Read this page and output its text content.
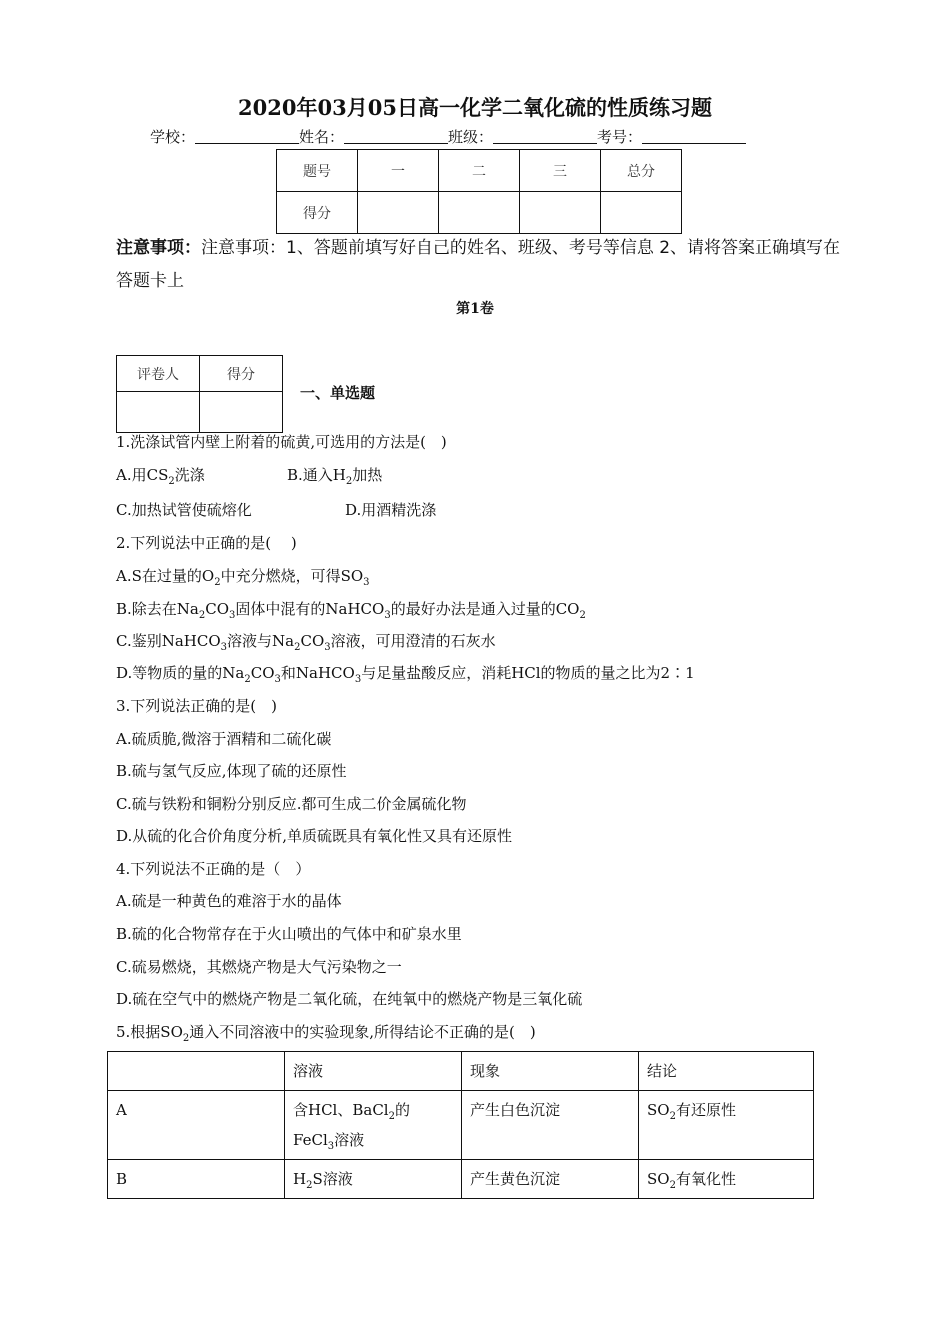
2020年03月05日高一化学二氧化硫的性质练习题
学校：	姓名：	班级：	考号：
题号	一	二	三	总分
得分				
注意事项：注意事项：1、答题前填写好自己的姓名、班级、考号等信息 2、请将答案正确填写在答题卡上
第1卷
评卷人	得分

一、单选题
1.洗涤试管内壁上附着的硫黄,可选用的方法是(　)
A.用$CS_2$洗涤	B.通入$H_2$加热
C.加热试管使硫熔化	D.用酒精洗涤
2.下列说法中正确的是(　 )
A.S在过量的$O_2$中充分燃烧，可得$SO_3$
B.除去在$Na_2CO_3$固体中混有的NaHCO$_3$的最好办法是通入过量的$CO_2$
C.鉴别NaHCO$_3$溶液与$Na_2CO_3$溶液，可用澄清的石灰水
D.等物质的量的$Na_2CO_3$和NaHCO$_3$与足量盐酸反应，消耗HCl的物质的量之比为2∶1
3.下列说法正确的是(　)
A.硫质脆,微溶于酒精和二硫化碳
B.硫与氢气反应,体现了硫的还原性
C.硫与铁粉和铜粉分别反应.都可生成二价金属硫化物
D.从硫的化合价角度分析,单质硫既具有氧化性又具有还原性
4.下列说法不正确的是（　）
A.硫是一种黄色的难溶于水的晶体
B.硫的化合物常存在于火山喷出的气体中和矿泉水里
C.硫易燃烧，其燃烧产物是大气污染物之一
D.硫在空气中的燃烧产物是二氧化硫，在纯氧中的燃烧产物是三氧化硫
5.根据$SO_2$通入不同溶液中的实验现象,所得结论不正确的是(　)
	溶液	现象	结论
A	含HCl、BaCl$_2$的
FeCl$_3$溶液	产生白色沉淀	$SO_2$有还原性
B	$H_2S$溶液	产生黄色沉淀	$SO_2$有氧化性
